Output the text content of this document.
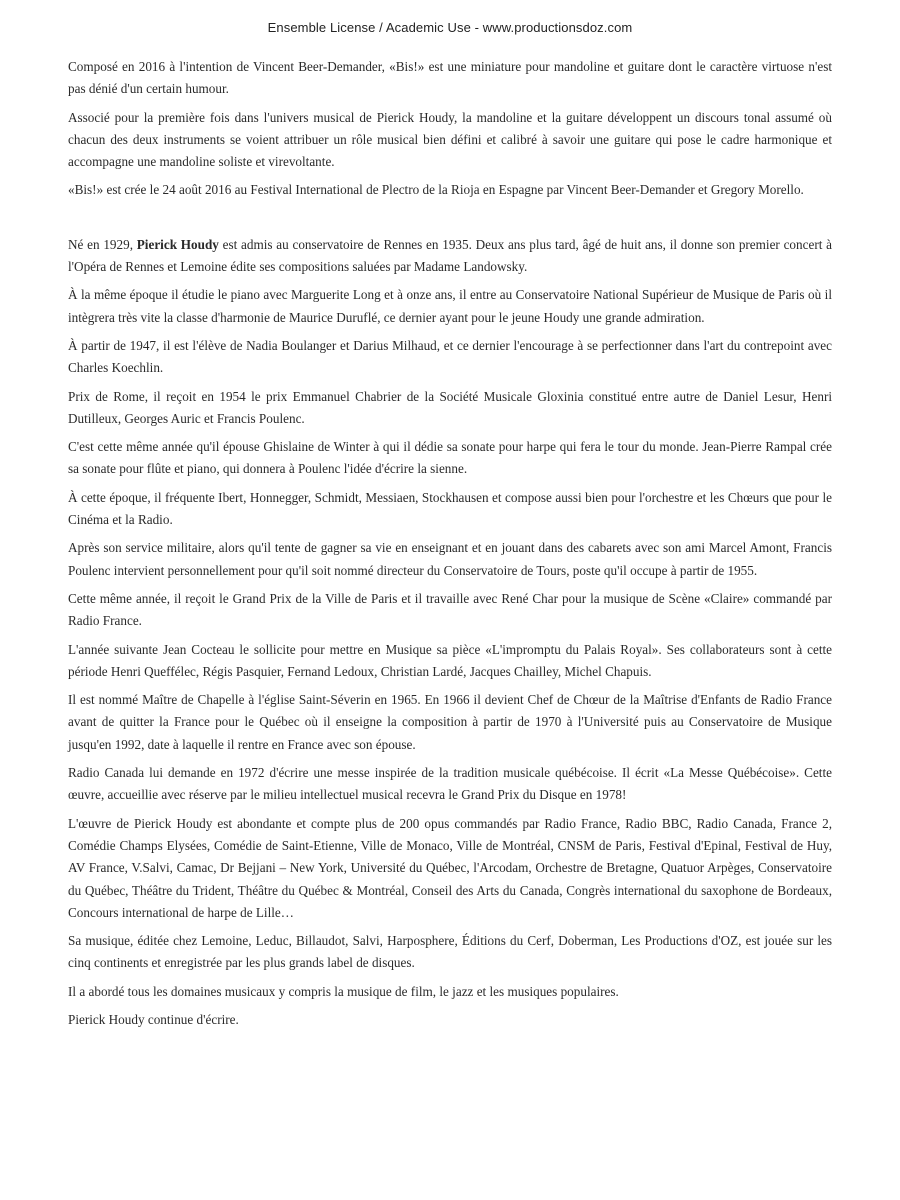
Ensemble License / Academic Use - www.productionsdoz.com

Composé en 2016 à l'intention de Vincent Beer-Demander, «Bis!» est une miniature pour mandoline et guitare dont le caractère virtuose n'est pas dénié d'un certain humour.

Associé pour la première fois dans l'univers musical de Pierick Houdy, la mandoline et la guitare développent un discours tonal assumé où chacun des deux instruments se voient attribuer un rôle musical bien défini et calibré à savoir une guitare qui pose le cadre harmonique et accompagne une mandoline soliste et virevoltante.

«Bis!» est crée le 24 août 2016 au Festival International de Plectro de la Rioja en Espagne par Vincent Beer-Demander et Gregory Morello.

Né en 1929, Pierick Houdy est admis au conservatoire de Rennes en 1935. Deux ans plus tard, âgé de huit ans, il donne son premier concert à l'Opéra de Rennes et Lemoine édite ses compositions saluées par Madame Landowsky.

À la même époque il étudie le piano avec Marguerite Long et à onze ans, il entre au Conservatoire National Supérieur de Musique de Paris où il intègrera très vite la classe d'harmonie de Maurice Duruflé, ce dernier ayant pour le jeune Houdy une grande admiration.

À partir de 1947, il est l'élève de Nadia Boulanger et Darius Milhaud, et ce dernier l'encourage à se perfectionner dans l'art du contrepoint avec Charles Koechlin.

Prix de Rome, il reçoit en 1954 le prix Emmanuel Chabrier de la Société Musicale Gloxinia constitué entre autre de Daniel Lesur, Henri Dutilleux, Georges Auric et Francis Poulenc.

C'est cette même année qu'il épouse Ghislaine de Winter à qui il dédie sa sonate pour harpe qui fera le tour du monde. Jean-Pierre Rampal crée sa sonate pour flûte et piano, qui donnera à Poulenc l'idée d'écrire la sienne.

À cette époque, il fréquente Ibert, Honnegger, Schmidt, Messiaen, Stockhausen et compose aussi bien pour l'orchestre et les Chœurs que pour le Cinéma et la Radio.

Après son service militaire, alors qu'il tente de gagner sa vie en enseignant et en jouant dans des cabarets avec son ami Marcel Amont, Francis Poulenc intervient personnellement pour qu'il soit nommé directeur du Conservatoire de Tours, poste qu'il occupe à partir de 1955.

Cette même année, il reçoit le Grand Prix de la Ville de Paris et il travaille avec René Char pour la musique de Scène «Claire» commandé par Radio France.

L'année suivante Jean Cocteau le sollicite pour mettre en Musique sa pièce «L'impromptu du Palais Royal». Ses collaborateurs sont à cette période Henri Queffélec, Régis Pasquier, Fernand Ledoux, Christian Lardé, Jacques Chailley, Michel Chapuis.

Il est nommé Maître de Chapelle à l'église Saint-Séverin en 1965. En 1966 il devient Chef de Chœur de la Maîtrise d'Enfants de Radio France avant de quitter la France pour le Québec où il enseigne la composition à partir de 1970 à l'Université puis au Conservatoire de Musique jusqu'en 1992, date à laquelle il rentre en France avec son épouse.

Radio Canada lui demande en 1972 d'écrire une messe inspirée de la tradition musicale québécoise. Il écrit «La Messe Québécoise». Cette œuvre, accueillie avec réserve par le milieu intellectuel musical recevra le Grand Prix du Disque en 1978!

L'œuvre de Pierick Houdy est abondante et compte plus de 200 opus commandés par Radio France, Radio BBC, Radio Canada, France 2, Comédie Champs Elysées, Comédie de Saint-Etienne, Ville de Monaco, Ville de Montréal, CNSM de Paris, Festival d'Epinal, Festival de Huy, AV France, V.Salvi, Camac, Dr Bejjani – New York, Université du Québec, l'Arcodam, Orchestre de Bretagne, Quatuor Arpèges, Conservatoire du Québec, Théâtre du Trident, Théâtre du Québec & Montréal, Conseil des Arts du Canada, Congrès international du saxophone de Bordeaux, Concours international de harpe de Lille…

Sa musique, éditée chez Lemoine, Leduc, Billaudot, Salvi, Harposphere, Éditions du Cerf, Doberman, Les Productions d'OZ, est jouée sur les cinq continents et enregistrée par les plus grands label de disques.

Il a abordé tous les domaines musicaux y compris la musique de film, le jazz et les musiques populaires.

Pierick Houdy continue d'écrire.
